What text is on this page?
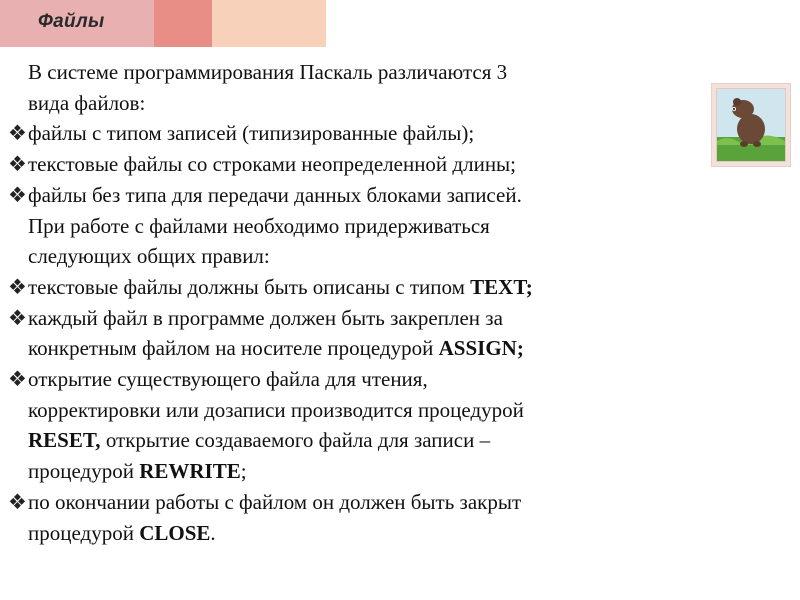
Файлы
В системе программирования Паскаль различаются 3
вида файлов:
❖файлы с типом записей (типизированные файлы);
❖текстовые файлы со строками неопределенной длины;
❖файлы без типа для передачи данных блоками записей.
При работе с файлами необходимо придерживаться
следующих общих правил:
❖текстовые файлы должны быть описаны с типом TEXT;
❖каждый файл в программе должен быть закреплен за
конкретным файлом на носителе процедурой ASSIGN;
❖открытие существующего файла для чтения,
корректировки или дозаписи производится процедурой
RESET, открытие создаваемого файла для записи –
процедурой REWRITE;
❖по окончании работы с файлом он должен быть закрыт
процедурой CLOSE.
